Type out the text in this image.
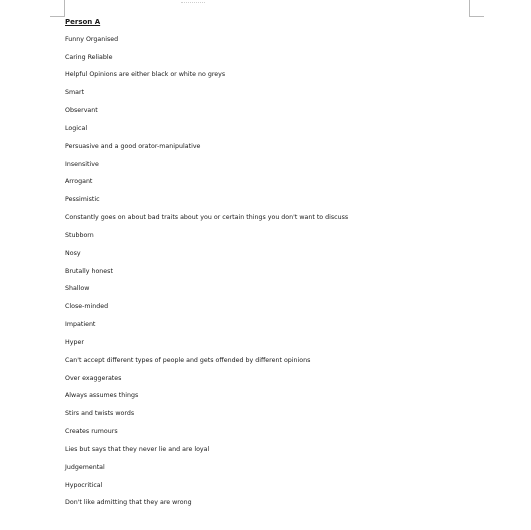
Person A
Funny Organised
Caring Reliable
Helpful Opinions are either black or white no greys
Smart
Observant
Logical
Persuasive and a good orator-manipulative
Insensitive
Arrogant
Pessimistic
Constantly goes on about bad traits about you or certain things you don't want to discuss
Stubborn
Nosy
Brutally honest
Shallow
Close-minded
Impatient
Hyper
Can't accept different types of people and gets offended by different opinions
Over exaggerates
Always assumes things
Stirs and twists words
Creates rumours
Lies but says that they never lie and are loyal
Judgemental
Hypocritical
Don't like admitting that they are wrong
